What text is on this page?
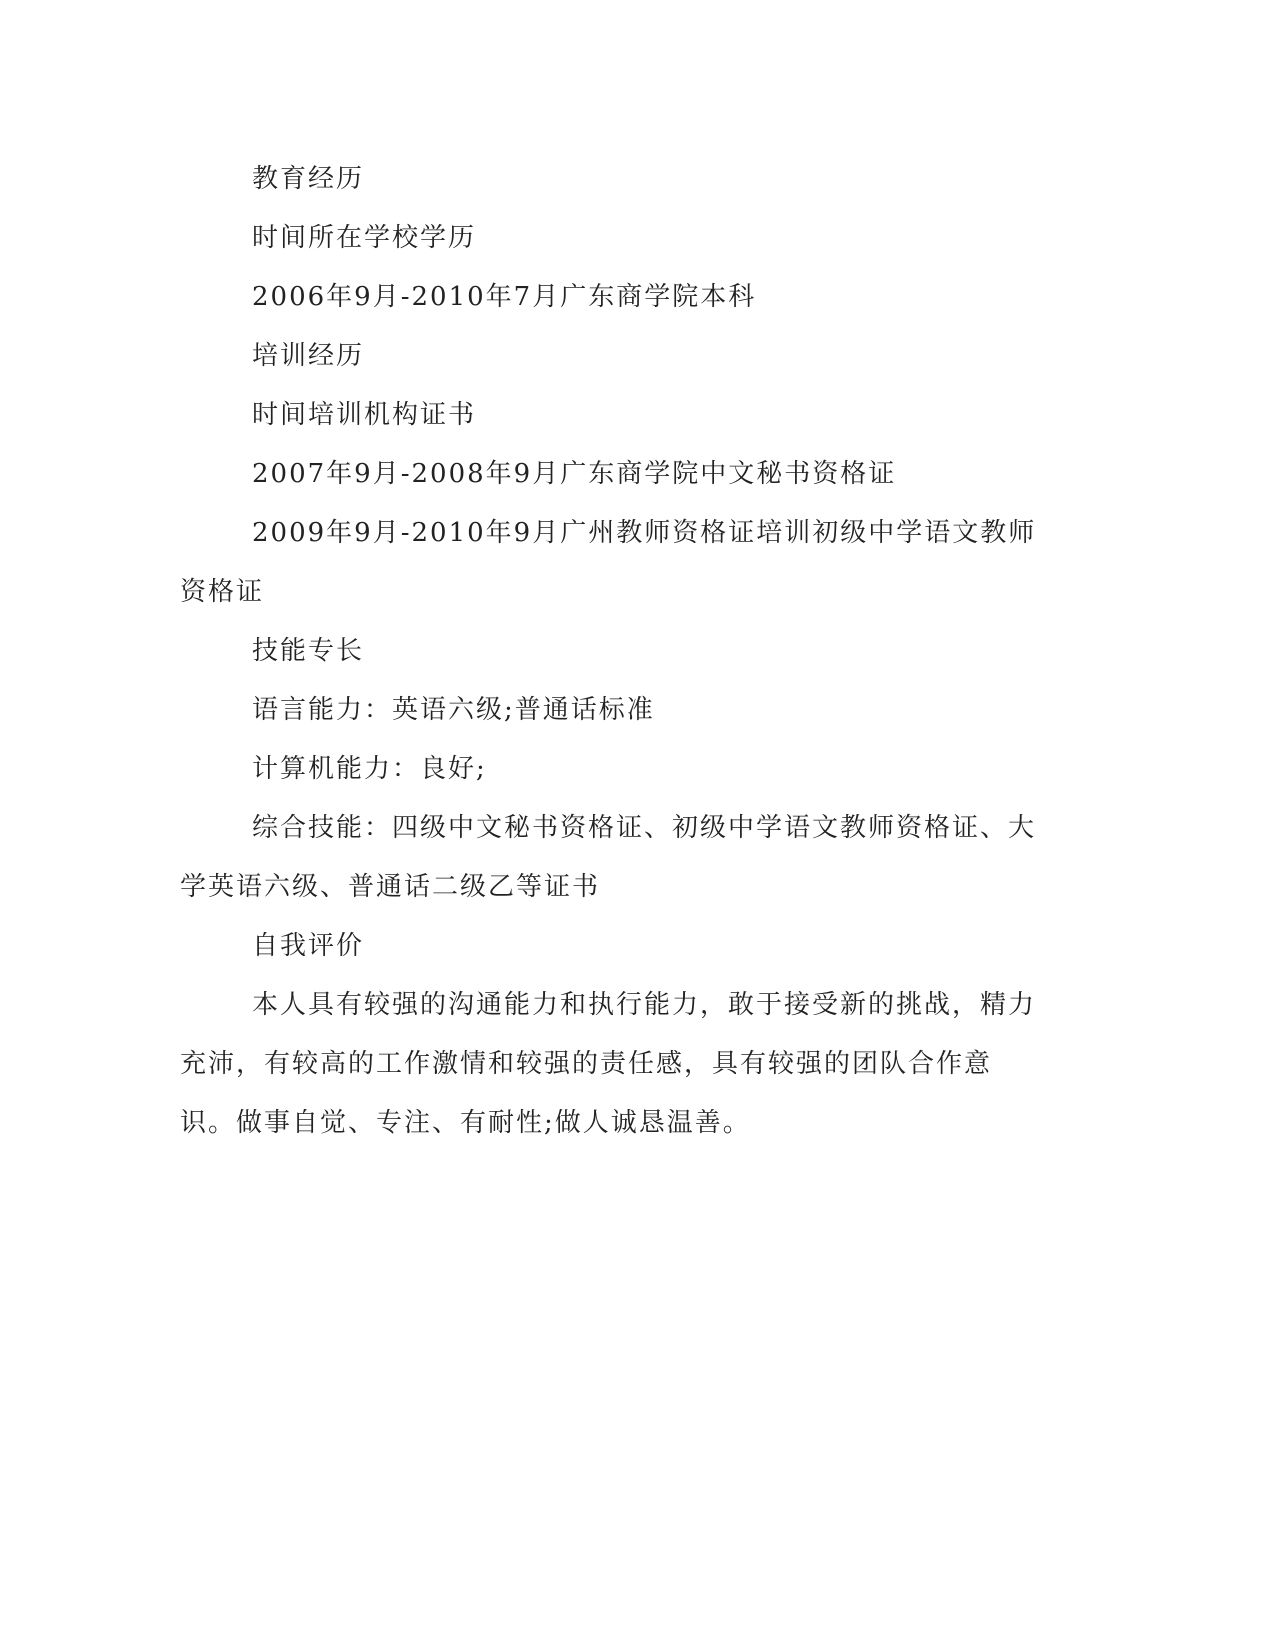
教育经历

时间所在学校学历

2006年9月-2010年7月广东商学院本科

培训经历

时间培训机构证书

2007年9月-2008年9月广东商学院中文秘书资格证

2009年9月-2010年9月广州教师资格证培训初级中学语文教师资格证

技能专长

语言能力：英语六级;普通话标准

计算机能力：良好;

综合技能：四级中文秘书资格证、初级中学语文教师资格证、大学英语六级、普通话二级乙等证书

自我评价

本人具有较强的沟通能力和执行能力，敢于接受新的挑战，精力充沛，有较高的工作激情和较强的责任感，具有较强的团队合作意识。做事自觉、专注、有耐性;做人诚恳温善。
